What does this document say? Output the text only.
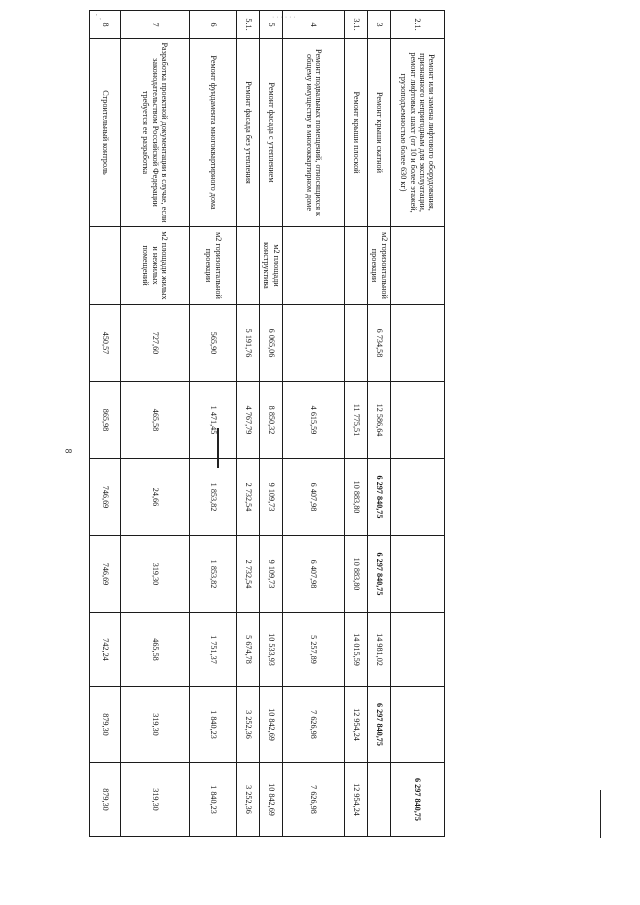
' ,	· · · · · ·
8
2.1.	Ремонт или замена лифтового оборудования, признанного непригодным для эксплуатации, ремонт лифтовых шахт (от 10 и более этажей, грузоподъемностью более 630 кг)								6 297 840,75
3	Ремонт крыши скатной	м2 горизонтальной проекции	6 734,58	12 586,64	6 297 840,75	6 297 840,75	14 981,02	6 297 840,75	
3.1.	Ремонт крыши плоской			11 775,51	10 883,80	10 883,80	14 015,59	12 954,24	12 954,24
4	Ремонт подвальных помещений, относящихся к общему имуществу в многоквартирном доме			4 615,59	6 407,98	6 407,98	5 257,89	7 626,98	7 626,98
5	Ремонт фасада с утеплением	м2 площади конструктива	6 065,06	8 850,32	9 109,73	9 109,73	10 533,93	10 842,69	10 842,69
5.1.	Ремонт фасада без утепления		5 191,76	4 767,79	2 732,54	2 732,54	5 674,78	3 252,36	3 252,36
6	Ремонт фундамента многоквартирного дома	м2 горизонтальной проекции	565,90	1 471,45	1 853,82	1 853,82	1 751,37	1 840,23	1 840,23
7	Разработка проектной документации в случае, если законодательством Российской Федерации требуется ее разработка	м2 площади жилых и нежилых помещений	727,60	465,58	24,66	319,30	465,58	319,30	319,30
8	Строительный контроль		450,57	865,98	746,69	746,69	742,24	879,30	879,30
